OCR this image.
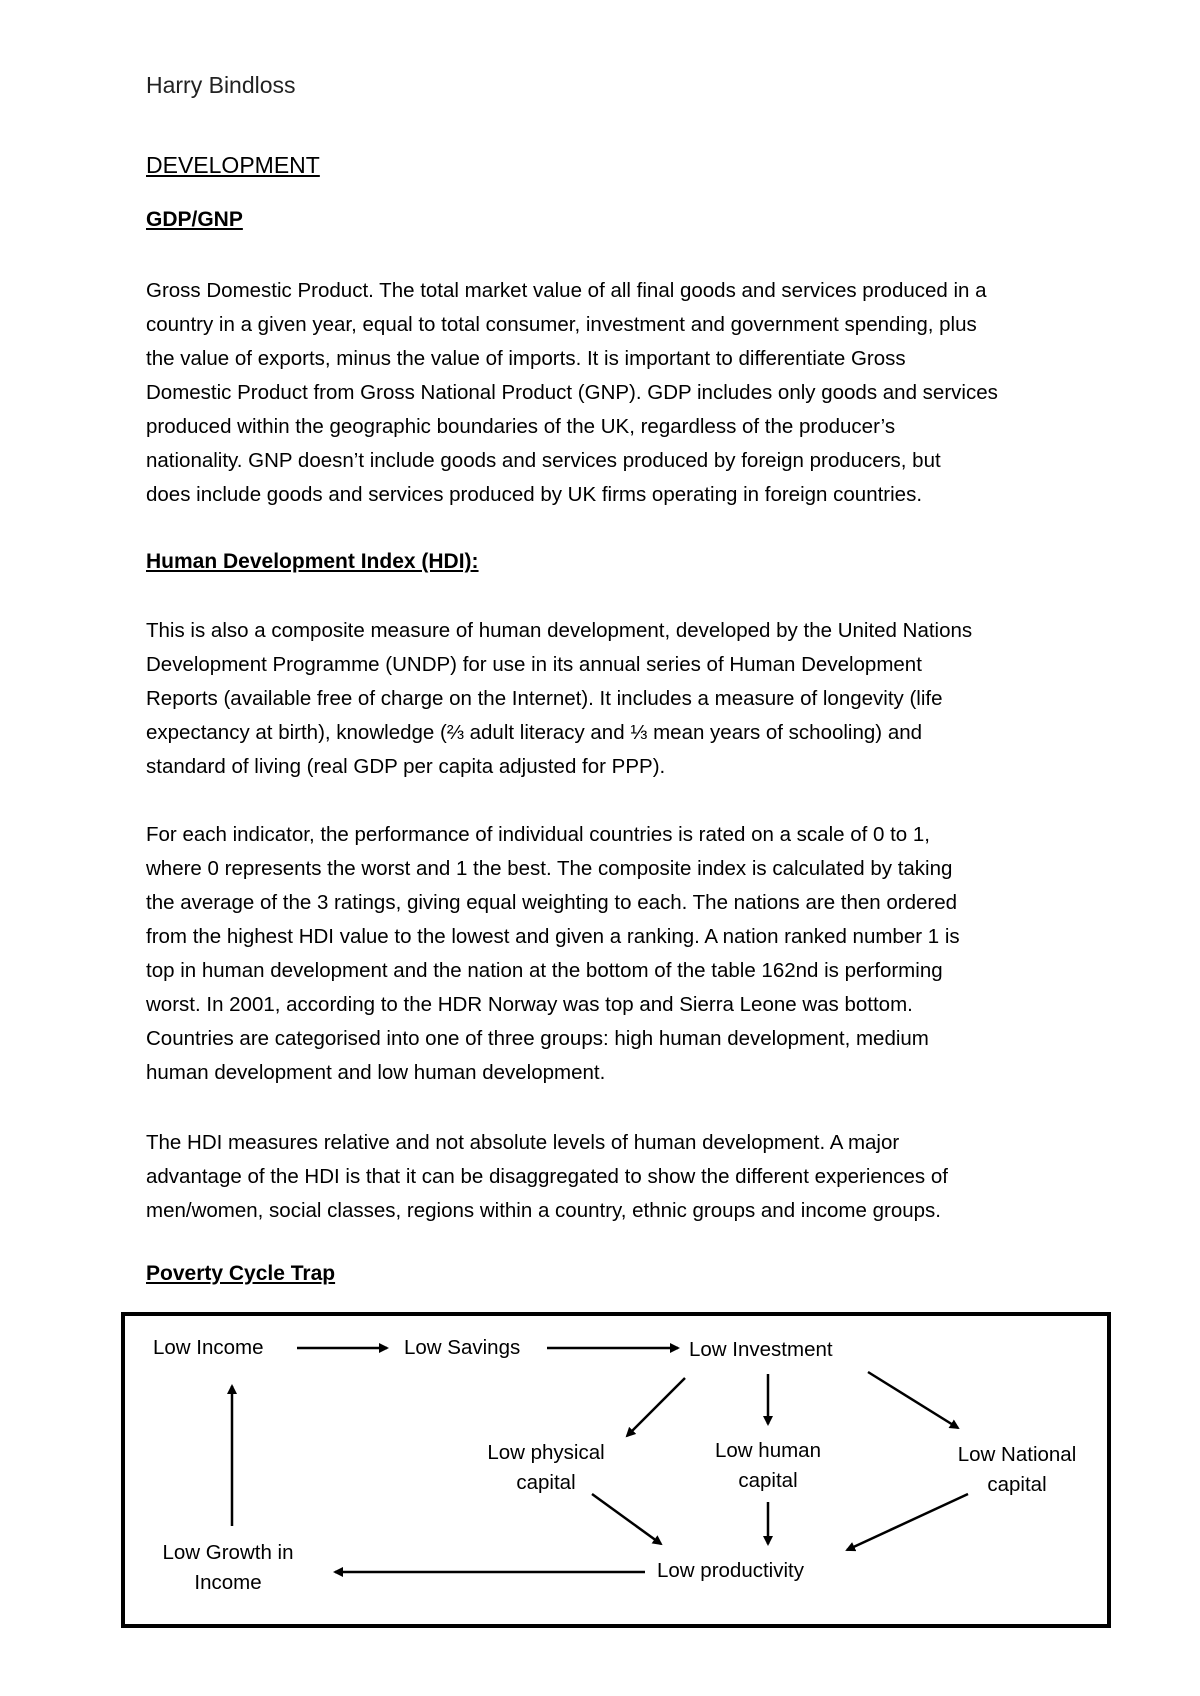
Harry Bindloss
DEVELOPMENT
GDP/GNP
Gross Domestic Product. The total market value of all final goods and services produced in a
country in a given year, equal to total consumer, investment and government spending, plus
the value of exports, minus the value of imports. It is important to differentiate Gross
Domestic Product from Gross National Product (GNP). GDP includes only goods and services
produced within the geographic boundaries of the UK, regardless of the producer’s
nationality. GNP doesn’t include goods and services produced by foreign producers, but
does include goods and services produced by UK firms operating in foreign countries.
Human Development Index (HDI):
This is also a composite measure of human development, developed by the United Nations
Development Programme (UNDP) for use in its annual series of Human Development
Reports (available free of charge on the Internet). It includes a measure of longevity (life
expectancy at birth), knowledge (⅔ adult literacy and ⅓ mean years of schooling) and
standard of living (real GDP per capita adjusted for PPP).
For each indicator, the performance of individual countries is rated on a scale of 0 to 1,
where 0 represents the worst and 1 the best. The composite index is calculated by taking
the average of the 3 ratings, giving equal weighting to each. The nations are then ordered
from the highest HDI value to the lowest and given a ranking. A nation ranked number 1 is
top in human development and the nation at the bottom of the table 162nd is performing
worst. In 2001, according to the HDR Norway was top and Sierra Leone was bottom.
Countries are categorised into one of three groups: high human development, medium
human development and low human development.
The HDI measures relative and not absolute levels of human development. A major
advantage of the HDI is that it can be disaggregated to show the different experiences of
men/women, social classes, regions within a country, ethnic groups and income groups.
Poverty Cycle Trap
Low Income	Low Savings	Low Investment
Low physical
capital
Low human
capital
Low National
capital
Low Growth in
Income
Low productivity
